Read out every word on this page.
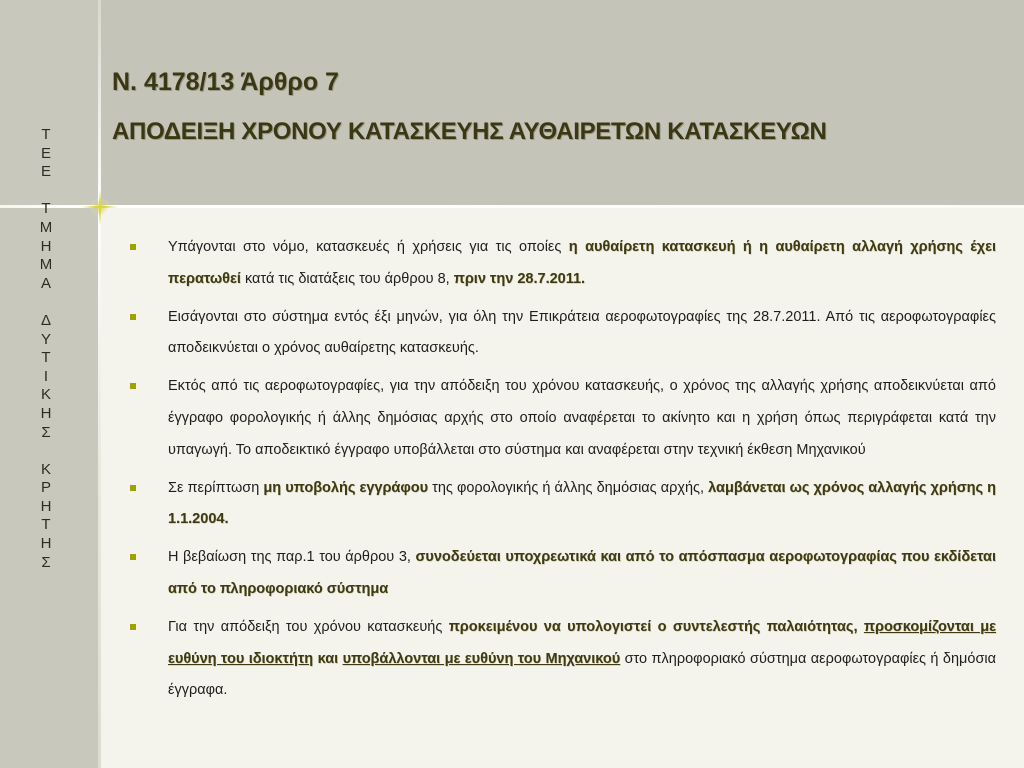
Τ
Ε
Ε

Τ
Μ
Η
Μ
Α

Δ
Υ
Τ
Ι
Κ
Η
Σ

Κ
Ρ
Η
Τ
Η
Σ
Ν. 4178/13 Άρθρο 7
ΑΠΟΔΕΙΞΗ ΧΡΟΝΟΥ ΚΑΤΑΣΚΕΥΗΣ ΑΥΘΑΙΡΕΤΩΝ ΚΑΤΑΣΚΕΥΩΝ
Υπάγονται στο νόμο, κατασκευές ή χρήσεις για τις οποίες η αυθαίρετη κατασκευή ή η αυθαίρετη αλλαγή χρήσης έχει περατωθεί κατά τις διατάξεις του άρθρου 8, πριν την 28.7.2011.
Εισάγονται στο σύστημα εντός έξι μηνών, για όλη την Επικράτεια αεροφωτογραφίες της 28.7.2011. Από τις αεροφωτογραφίες αποδεικνύεται ο χρόνος αυθαίρετης κατασκευής.
Εκτός από τις αεροφωτογραφίες, για την απόδειξη του χρόνου κατασκευής, ο χρόνος της αλλαγής χρήσης αποδεικνύεται από έγγραφο φορολογικής ή άλλης δημόσιας αρχής στο οποίο αναφέρεται το ακίνητο και η χρήση όπως περιγράφεται κατά την υπαγωγή. Το αποδεικτικό έγγραφο υποβάλλεται στο σύστημα και αναφέρεται στην τεχνική έκθεση Μηχανικού
Σε περίπτωση μη υποβολής εγγράφου της φορολογικής ή άλλης δημόσιας αρχής, λαμβάνεται ως χρόνος αλλαγής χρήσης η 1.1.2004.
Η βεβαίωση της παρ.1 του άρθρου 3, συνοδεύεται υποχρεωτικά και από το απόσπασμα αεροφωτογραφίας που εκδίδεται από το πληροφοριακό σύστημα
Για την απόδειξη του χρόνου κατασκευής προκειμένου να υπολογιστεί ο συντελεστής παλαιότητας, προσκομίζονται με ευθύνη του ιδιοκτήτη και υποβάλλονται με ευθύνη του Μηχανικού στο πληροφοριακό σύστημα αεροφωτογραφίες ή δημόσια έγγραφα.
